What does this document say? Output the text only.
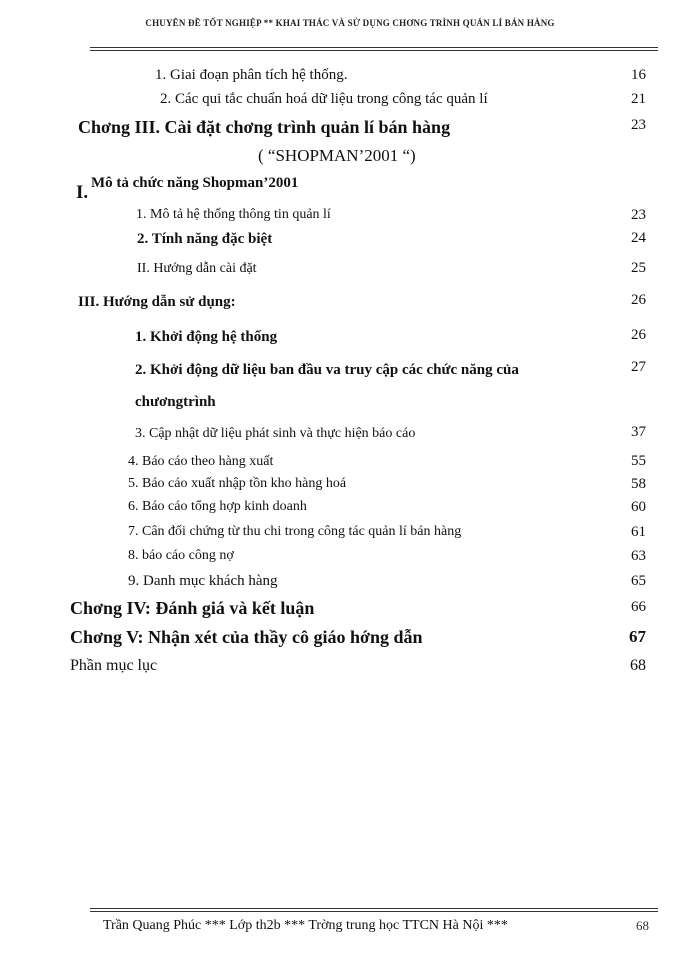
CHUYÊN ĐỀ TỐT NGHIỆP ** KHAI THÁC VÀ SỬ DỤNG CHƠNG TRÌNH QUẢN LÍ BÁN HÀNG
1. Giai đoạn phân tích hệ thống.	16
2. Các qui tắc chuẩn hoá dữ liệu trong công tác quản lí	21
Chơng III. Cài đặt chơng trình quản lí bán hàng	23
( “SHOPMAN’2001 “)
I. Mô tả chức năng Shopman’2001
1. Mô tả hệ thống thông tin quản lí	23
2. Tính năng đặc biệt	24
II. Hướng dẫn cài đặt	25
III. Hướng dẫn sử dụng:	26
1. Khởi động hệ thống	26
2. Khởi động dữ liệu ban đầu va truy cập các chức năng của	27
chươngtrình
3. Cập nhật dữ liệu phát sinh và thực hiện báo cáo	37
4. Báo cáo theo hàng xuất	55
5. Báo cáo xuất nhập tồn kho hàng hoá	58
6. Báo cáo tổng hợp kinh doanh	60
7. Cân đối chứng từ thu chi trong công tác quản lí bán hàng	61
8. báo cáo công nợ	63
9. Danh mục khách hàng	65
Chơng IV: Đánh giá và kết luận	66
Chơng V: Nhận xét của thầy cô giáo hớng dẫn	67
Phần mục lục	68
Trần Quang Phúc *** Lớp th2b *** Trờng trung học TTCN Hà Nội ***	68
